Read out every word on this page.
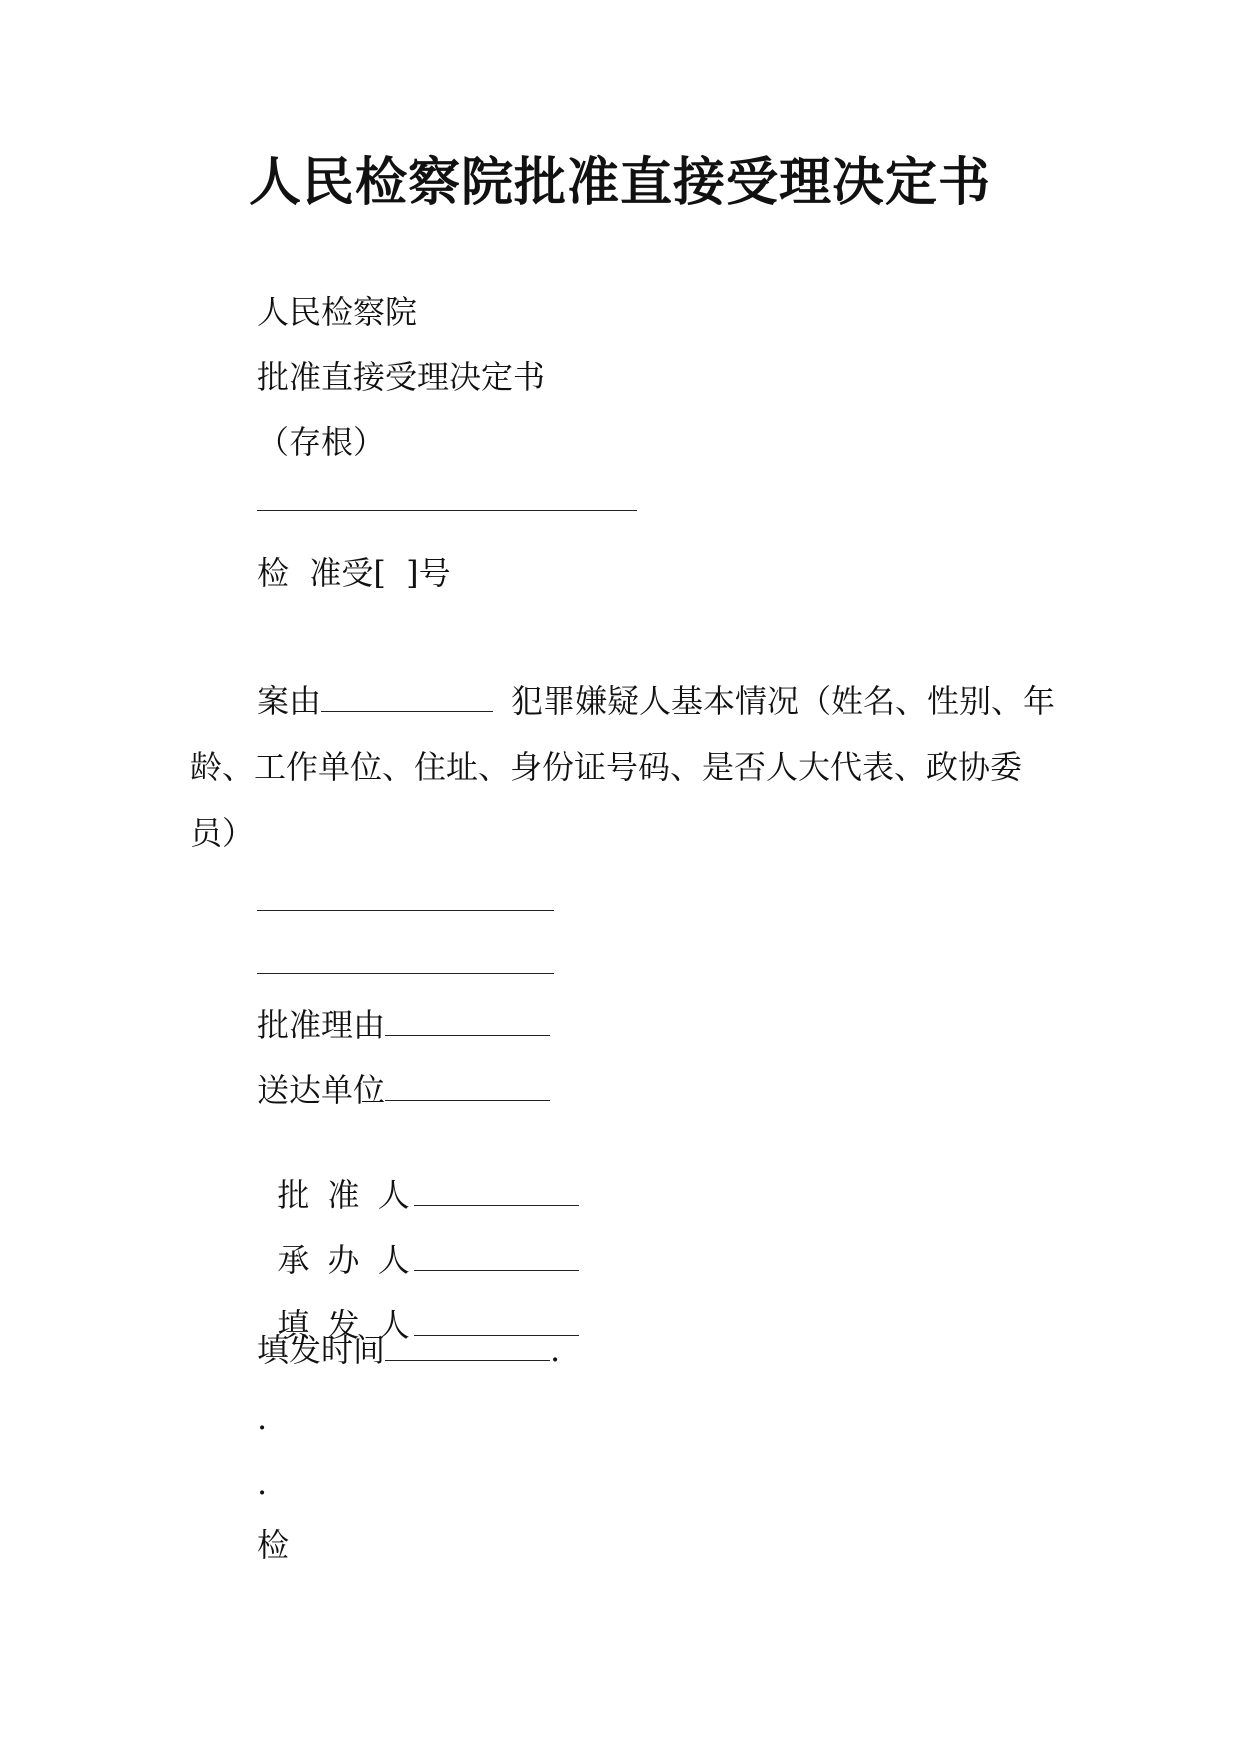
人民检察院批准直接受理决定书
人民检察院
批准直接受理决定书
（存根）
检  准受[  ]号
案由	犯罪嫌疑人基本情况（姓名、性别、年龄、工作单位、住址、身份证号码、是否人大代表、政协委员）
批准理由
送达单位

批 准 人

承 办 人

填 发 人

填发时间	.
.
.
检
